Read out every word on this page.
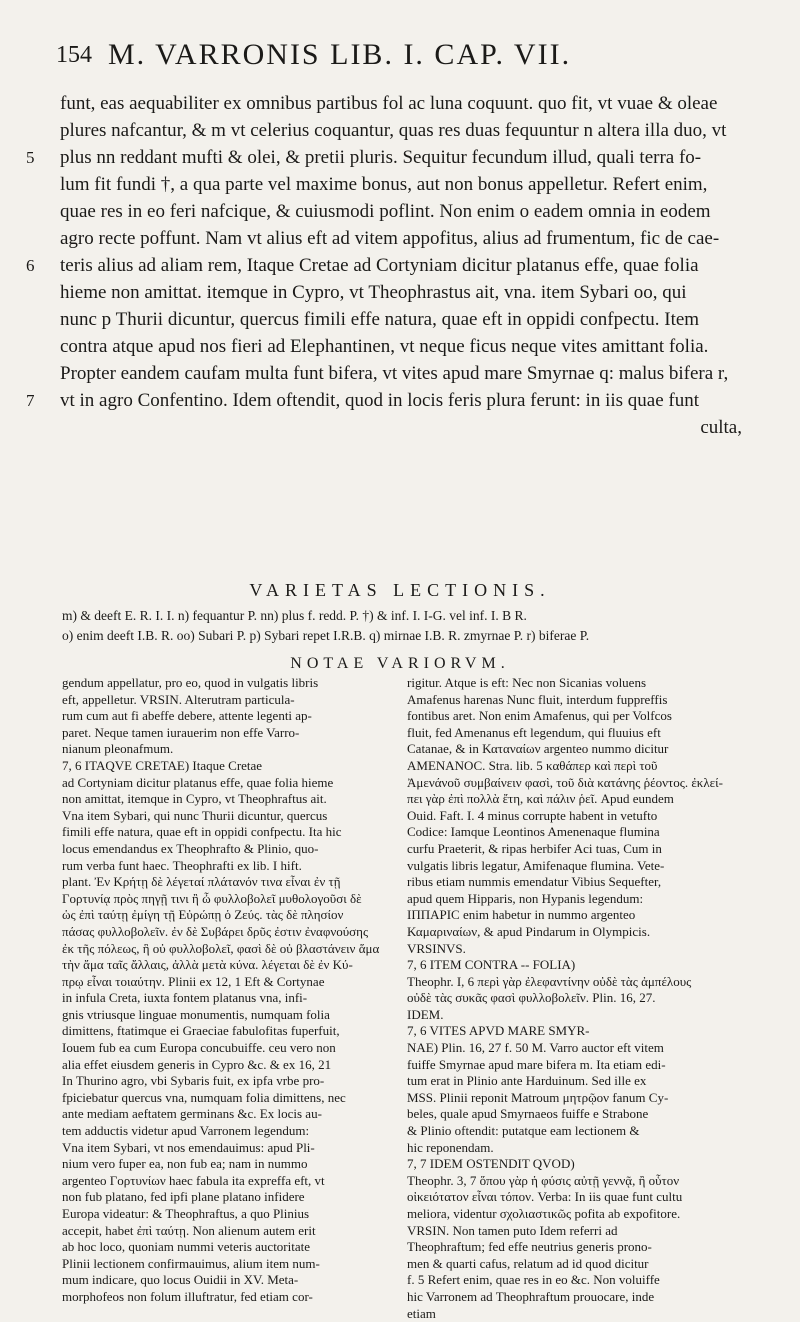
154 M. VARRONIS LIB. I. CAP. VII.
funt, eas aequabiliter ex omnibus partibus fol ac luna coquunt. quo fit, vt vuae & oleae
plures nafcantur, & m vt celerius coquantur, quas res duas fequuntur n altera illa duo, vt
5 plus nn reddant mufti & olei, & pretii pluris. Sequitur fecundum illud, quali terra fo-
lum fit fundi †, a qua parte vel maxime bonus, aut non bonus appelletur. Refert enim,
quae res in eo feri nafcique, & cuiusmodi poflint. Non enim o eadem omnia in eodem
agro recte poffunt. Nam vt alius eft ad vitem appofitus, alius ad frumentum, fic de cae-
6 teris alius ad aliam rem, Itaque Cretae ad Cortyniam dicitur platanus effe, quae folia
hieme non amittat. itemque in Cypro, vt Theophrastus ait, vna. item Sybari oo, qui
nunc p Thurii dicuntur, quercus fimili effe natura, quae eft in oppidi confpectu. Item
contra atque apud nos fieri ad Elephantinen, vt neque ficus neque vites amittant folia.
Propter eandem caufam multa funt bifera, vt vites apud mare Smyrnae q: malus bifera r,
7 vt in agro Confentino. Idem oftendit, quod in locis feris plura ferunt: in iis quae funt
culta,
VARIETAS LECTIONIS.
m) & deeft E. R. I. I. n) fequantur P. nn) plus f. redd. P. †) & inf. I. I-G. vel inf. I. B R.
o) enim deeft I.B. R. oo) Subari P. p) Sybari repet I.R.B. q) mirnae I.B. R. zmyrnae P. r) biferae P.
NOTAE VARIORVM.

gendum appellatur, pro eo, quod in vulgatis libris

eft, appelletur. VRSIN. Alterutram particula-

rum cum aut fi abeffe debere, attente legenti ap-

paret. Neque tamen iurauerim non effe Varro-

nianum pleonafmum.

7, 6 ITAQVE CRETAE) Itaque Cretae

ad Cortyniam dicitur platanus effe, quae folia hieme

non amittat, itemque in Cypro, vt Theophraftus ait.

Vna item Sybari, qui nunc Thurii dicuntur, quercus

fimili effe natura, quae eft in oppidi confpectu. Ita hic

locus emendandus ex Theophrafto & Plinio, quo-

rum verba funt haec. Theophrafti ex lib. I hift.

plant. Ἐν Κρήτῃ δὲ λέγεταί πλάτανόν τινα εἶναι ἐν τῇ

Γορτυνίᾳ πρὸς πηγῇ τινι ἢ ὦ φυλλοβολεῖ μυθολογοῦσι δὲ

ὡς ἐπὶ ταύτῃ ἐμίγη τῇ Εὐρώπῃ ὁ Ζεύς. τὰς δὲ πλησίον

πάσας φυλλοβολεῖν. ἐν δὲ Συβάρει δρῦς ἐστιν ἐναφνούσης

ἐκ τῆς πόλεως, ἣ οὐ φυλλοβολεῖ, φασὶ δὲ οὐ βλαστάνειν ἅμα

τὴν ἄμα ταῖς ἄλλαις, ἀλλὰ μετὰ κύνα. λέγεται δὲ ἐν Κύ-

πρῳ εἶναι τοιαύτην. Plinii ex 12, 1 Eft & Cortynae

in infula Creta, iuxta fontem platanus vna, infi-

gnis vtriusque linguae monumentis, numquam folia

dimittens, ftatimque ei Graeciae fabulofitas fuperfuit,

Iouem fub ea cum Europa concubuiffe. ceu vero non

alia effet eiusdem generis in Cypro &c. & ex 16, 21

In Thurino agro, vbi Sybaris fuit, ex ipfa vrbe pro-

fpiciebatur quercus vna, numquam folia dimittens, nec

ante mediam aeftatem germinans &c. Ex locis au-

tem adductis videtur apud Varronem legendum:

Vna item Sybari, vt nos emendauimus: apud Pli-

nium vero fuper ea, non fub ea; nam in nummo

argenteo Γορτυνίων haec fabula ita expreffa eft, vt

non fub platano, fed ipfi plane platano infidere

Europa videatur: & Theophraftus, a quo Plinius

accepit, habet ἐπὶ ταύτῃ. Non alienum autem erit

ab hoc loco, quoniam nummi veteris auctoritate

Plinii lectionem confirmauimus, alium item num-

mum indicare, quo locus Ouidii in XV. Meta-

morphofeos non folum illuftratur, fed etiam cor-

rigitur. Atque is eft: Nec non Sicanias voluens

Amafenus harenas Nunc fluit, interdum fuppreffis

fontibus aret. Non enim Amafenus, qui per Volfcos

fluit, fed Amenanus eft legendum, qui fluuius eft

Catanae, & in Καταναίων argenteo nummo dicitur

AMENANOC. Stra. lib. 5 καθάπερ καὶ περὶ τοῦ

Ἀμενάνοῦ συμβαίνειν φασὶ, τοῦ διὰ κατάνης ῥέοντος. ἐκλεί-

πει γὰρ ἐπὶ πολλὰ ἔτη, καὶ πάλιν ῥεῖ. Apud eundem

Ouid. Faft. I. 4 minus corrupte habent in vetufto

Codice: Iamque Leontinos Amenenaque flumina

curfu Praeterit, & ripas herbifer Aci tuas, Cum in

vulgatis libris legatur, Amifenaque flumina. Vete-

ribus etiam nummis emendatur Vibius Sequefter,

apud quem Hipparis, non Hypanis legendum:

ΙΠΠΑΡΙC enim habetur in nummo argenteo

Καμαριναίων, & apud Pindarum in Olympicis.

VRSINVS.

7, 6 ITEM CONTRA -- FOLIA)

Theophr. I, 6 περὶ γὰρ ἐλεφαντίνην οὐδὲ τὰς ἀμπέλους

οὐδὲ τὰς συκᾶς φασὶ φυλλοβολεῖν. Plin. 16, 27.

IDEM.

7, 6 VITES APVD MARE SMYR-

NAE) Plin. 16, 27 f. 50 M. Varro auctor eft vitem

fuiffe Smyrnae apud mare bifera m. Ita etiam edi-

tum erat in Plinio ante Harduinum. Sed ille ex

MSS. Plinii reponit Matroum μητρῷον fanum Cy-

beles, quale apud Smyrnaeos fuiffe e Strabone

& Plinio oftendit: putatque eam lectionem &

hic reponendam.

7, 7 IDEM OSTENDIT QVOD)

Theophr. 3, 7 ὅπου γὰρ ἡ φύσις αὐτῇ γεννᾷ, ἢ οὗτον

οἰκειότατον εἶναι τόπον. Verba: In iis quae funt cultu

meliora, videntur σχολιαστικῶς pofita ab expofitore.

VRSIN. Non tamen puto Idem referri ad

Theophraftum; fed effe neutrius generis prono-

men & quarti cafus, relatum ad id quod dicitur

f. 5 Refert enim, quae res in eo &c. Non voluiffe

hic Varronem ad Theophraftum prouocare, inde

etiam
